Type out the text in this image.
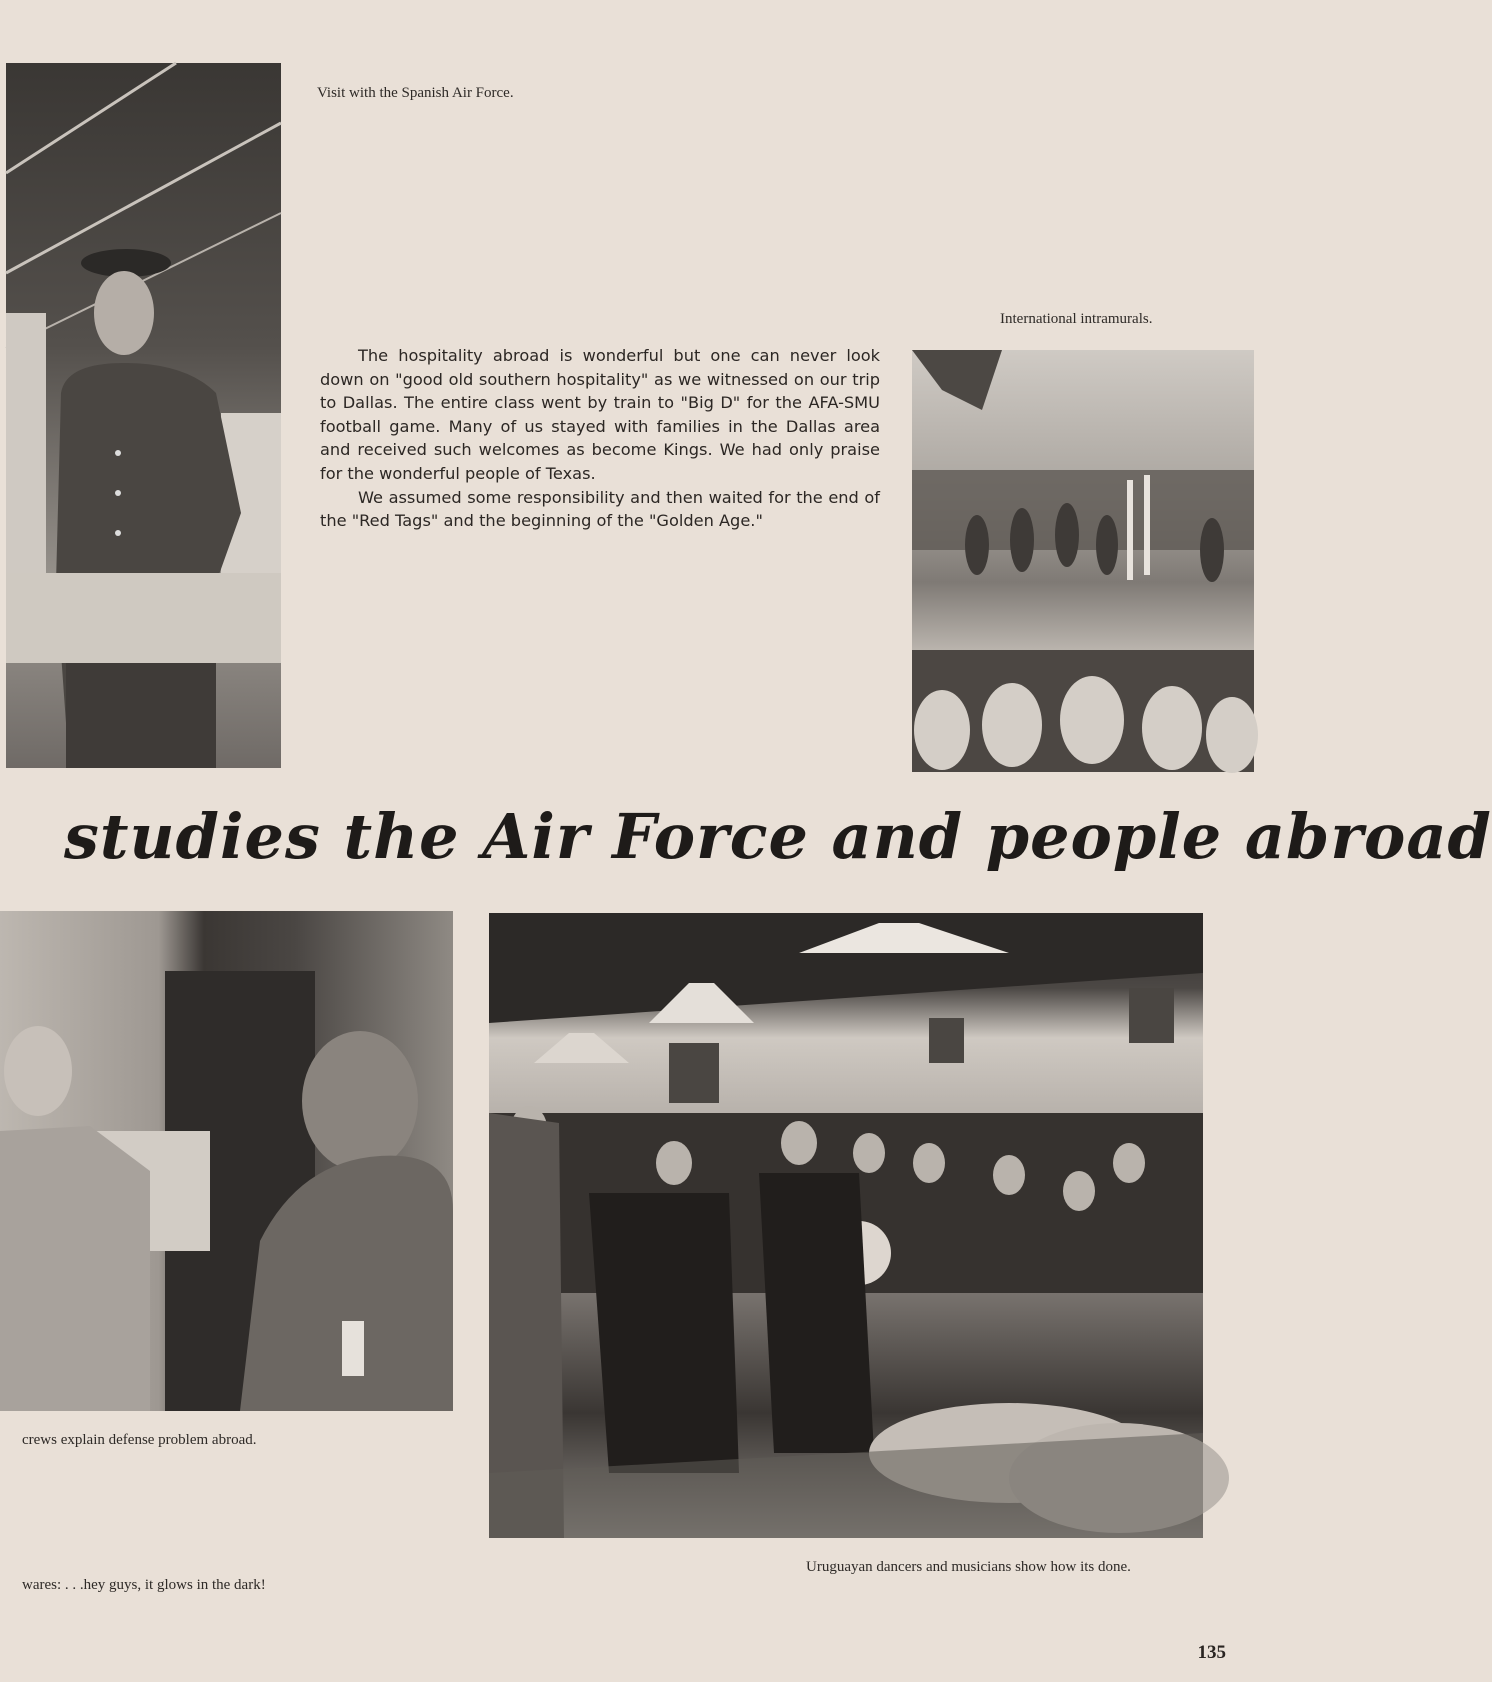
Visit with the Spanish Air Force.
International intramurals.

The hospitality abroad is wonderful but one can never look down on "good old southern hospitality" as we witnessed on our trip to Dallas. The entire class went by train to "Big D" for the AFA-SMU football game. Many of us stayed with families in the Dallas area and received such welcomes as become Kings. We had only praise for the wonderful people of Texas.

We assumed some responsibility and then waited for the end of the "Red Tags" and the beginning of the "Golden Age."

studies the Air Force and people abroad
crews explain defense problem abroad.
Uruguayan dancers and musicians show how its done.
wares: . . .hey guys, it glows in the dark!
135
